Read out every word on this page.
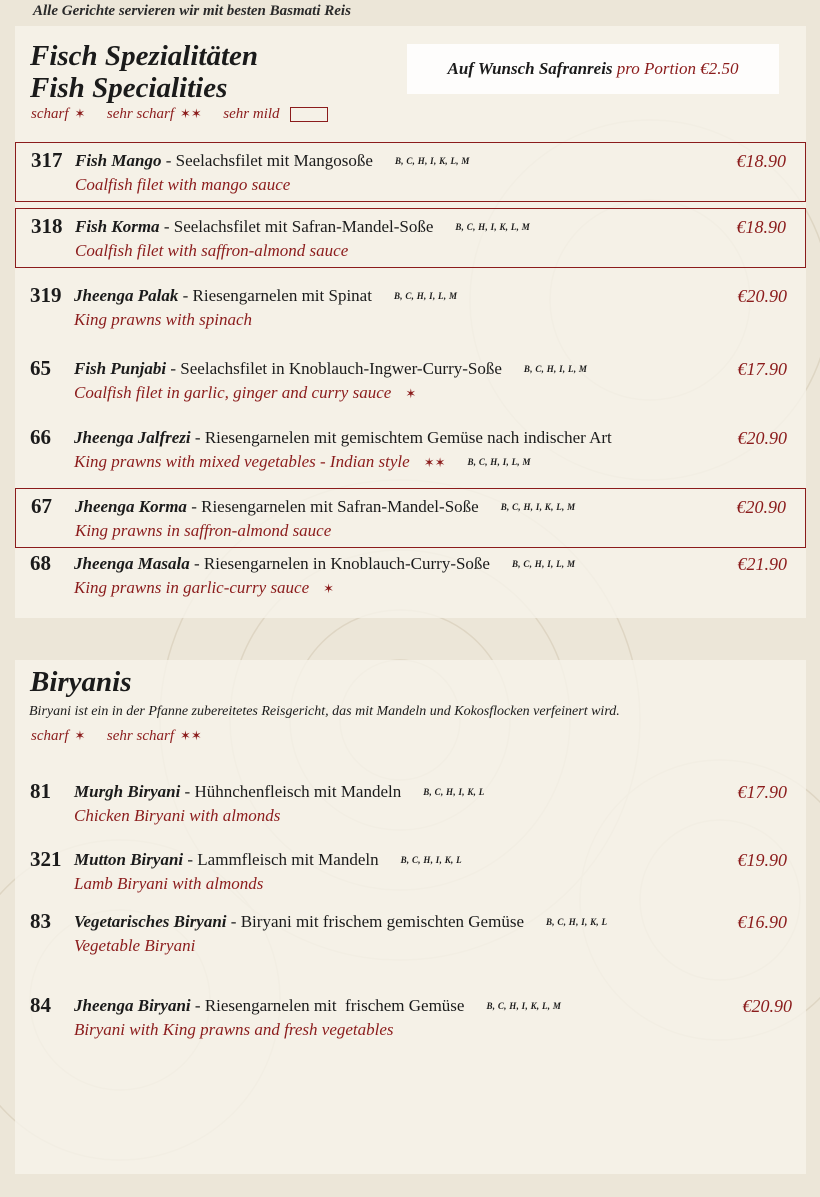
Alle Gerichte servieren wir mit besten Basmati Reis
Fisch Spezialitäten
Fish Specialities
scharf ✶ sehr scharf ✶✶ sehr mild
Auf Wunsch Safranreis pro Portion €2.50
317 Fish Mango - Seelachsfilet mit Mangosoße B, C, H, I, K, L, M
Coalfish filet with mango sauce
€18.90
318 Fish Korma - Seelachsfilet mit Safran-Mandel-Soße B, C, H, I, K, L, M
Coalfish filet with saffron-almond sauce
€18.90
319 Jheenga Palak - Riesengarnelen mit Spinat B, C, H, I, L, M
King prawns with spinach
€20.90
65 Fish Punjabi - Seelachsfilet in Knoblauch-Ingwer-Curry-Soße B, C, H, I, L, M
Coalfish filet in garlic, ginger and curry sauce ✶
€17.90
66 Jheenga Jalfrezi - Riesengarnelen mit gemischtem Gemüse nach indischer Art
King prawns with mixed vegetables - Indian style ✶✶ B, C, H, I, L, M
€20.90
67 Jheenga Korma - Riesengarnelen mit Safran-Mandel-Soße B, C, H, I, K, L, M
King prawns in saffron-almond sauce
€20.90
68 Jheenga Masala - Riesengarnelen in Knoblauch-Curry-Soße B, C, H, I, L, M
King prawns in garlic-curry sauce ✶
€21.90
Biryanis
Biryani ist ein in der Pfanne zubereitetes Reisgericht, das mit Mandeln und Kokosflocken verfeinert wird.
scharf ✶ sehr scharf ✶✶
81 Murgh Biryani - Hühnchenfleisch mit Mandeln B, C, H, I, K, L
Chicken Biryani with almonds
€17.90
321 Mutton Biryani - Lammfleisch mit Mandeln B, C, H, I, K, L
Lamb Biryani with almonds
€19.90
83 Vegetarisches Biryani - Biryani mit frischem gemischten Gemüse B, C, H, I, K, L
Vegetable Biryani
€16.90
84 Jheenga Biryani - Riesengarnelen mit  frischem Gemüse B, C, H, I, K, L, M
Biryani with King prawns and fresh vegetables
€20.90
